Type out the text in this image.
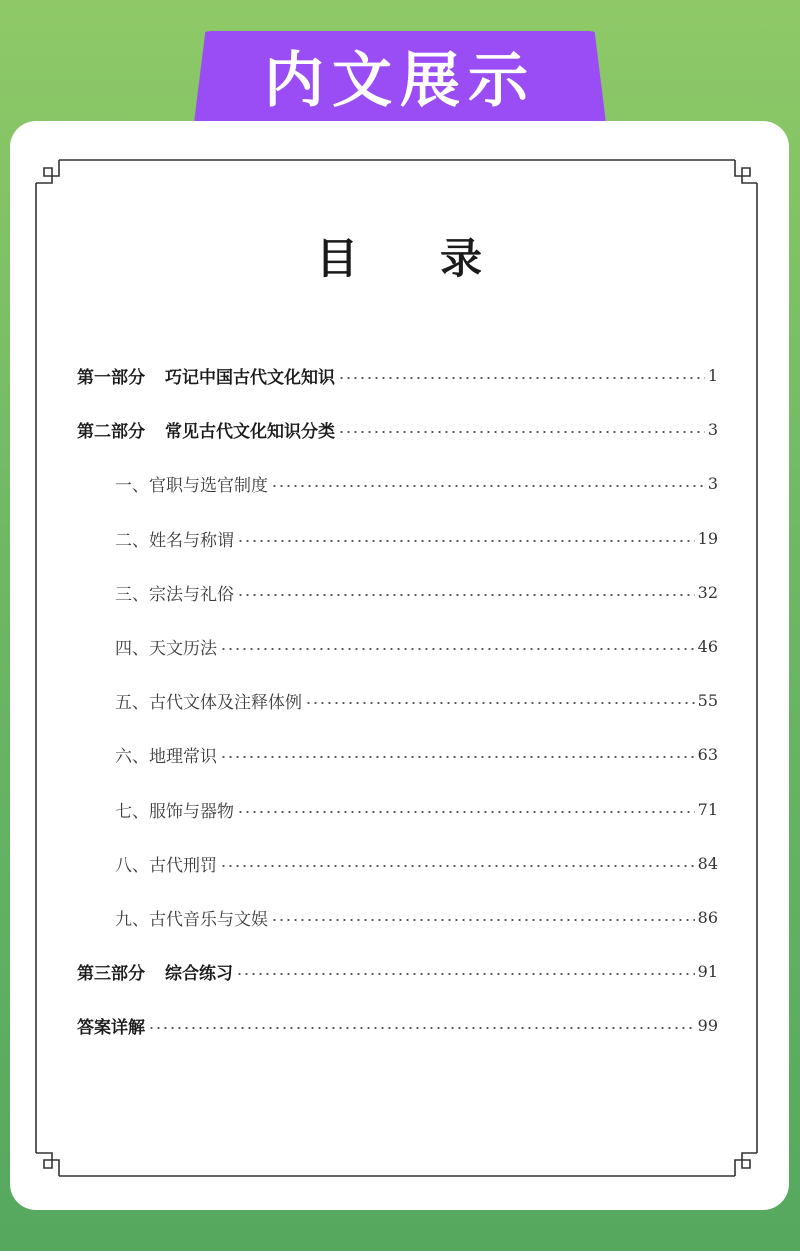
内文展示
目 录
第一部分 巧记中国古代文化知识	1
第二部分 常见古代文化知识分类	3
一、官职与选官制度	3
二、姓名与称谓	19
三、宗法与礼俗	32
四、天文历法	46
五、古代文体及注释体例	55
六、地理常识	63
七、服饰与器物	71
八、古代刑罚	84
九、古代音乐与文娱	86
第三部分 综合练习	91
答案详解	99
